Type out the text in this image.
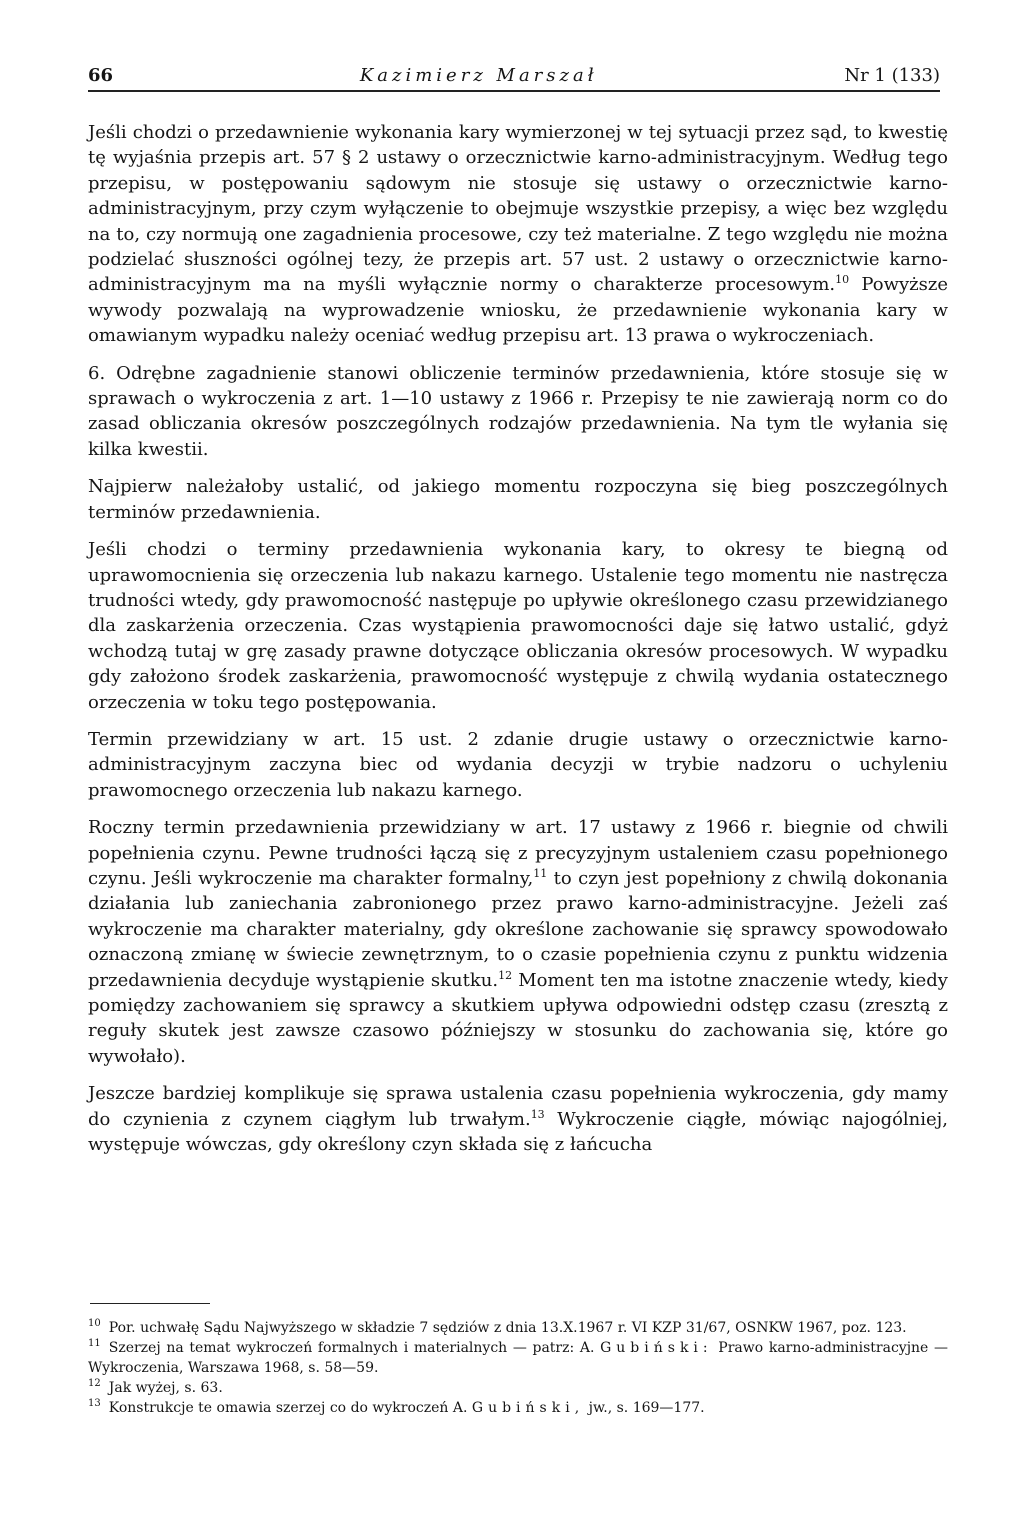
66	Kazimierz Marszał	Nr 1 (133)

Jeśli chodzi o przedawnienie wykonania kary wymierzonej w tej sytuacji przez sąd, to kwestię tę wyjaśnia przepis art. 57 § 2 ustawy o orzecznictwie karno-administracyjnym. Według tego przepisu, w postępowaniu sądowym nie stosuje się ustawy o orzecznictwie karno-administracyjnym, przy czym wyłączenie to obejmuje wszystkie przepisy, a więc bez względu na to, czy normują one zagadnienia procesowe, czy też materialne. Z tego względu nie można podzielać słuszności ogólnej tezy, że przepis art. 57 ust. 2 ustawy o orzecznictwie karno-administracyjnym ma na myśli wyłącznie normy o charakterze procesowym.$^{10}$ Powyższe wywody pozwalają na wyprowadzenie wniosku, że przedawnienie wykonania kary w omawianym wypadku należy oceniać według przepisu art. 13 prawa o wykroczeniach.

6. Odrębne zagadnienie stanowi obliczenie terminów przedawnienia, które stosuje się w sprawach o wykroczenia z art. 1—10 ustawy z 1966 r. Przepisy te nie zawierają norm co do zasad obliczania okresów poszczególnych rodzajów przedawnienia. Na tym tle wyłania się kilka kwestii.

Najpierw należałoby ustalić, od jakiego momentu rozpoczyna się bieg poszczególnych terminów przedawnienia.

Jeśli chodzi o terminy przedawnienia wykonania kary, to okresy te biegną od uprawomocnienia się orzeczenia lub nakazu karnego. Ustalenie tego momentu nie nastręcza trudności wtedy, gdy prawomocność następuje po upływie określonego czasu przewidzianego dla zaskarżenia orzeczenia. Czas wystąpienia prawomocności daje się łatwo ustalić, gdyż wchodzą tutaj w grę zasady prawne dotyczące obliczania okresów procesowych. W wypadku gdy założono środek zaskarżenia, prawomocność występuje z chwilą wydania ostatecznego orzeczenia w toku tego postępowania.

Termin przewidziany w art. 15 ust. 2 zdanie drugie ustawy o orzecznictwie karno-administracyjnym zaczyna biec od wydania decyzji w trybie nadzoru o uchyleniu prawomocnego orzeczenia lub nakazu karnego.

Roczny termin przedawnienia przewidziany w art. 17 ustawy z 1966 r. biegnie od chwili popełnienia czynu. Pewne trudności łączą się z precyzyjnym ustaleniem czasu popełnionego czynu. Jeśli wykroczenie ma charakter formalny,$^{11}$ to czyn jest popełniony z chwilą dokonania działania lub zaniechania zabronionego przez prawo karno-administracyjne. Jeżeli zaś wykroczenie ma charakter materialny, gdy określone zachowanie się sprawcy spowodowało oznaczoną zmianę w świecie zewnętrznym, to o czasie popełnienia czynu z punktu widzenia przedawnienia decyduje wystąpienie skutku.$^{12}$ Moment ten ma istotne znaczenie wtedy, kiedy pomiędzy zachowaniem się sprawcy a skutkiem upływa odpowiedni odstęp czasu (zresztą z reguły skutek jest zawsze czasowo późniejszy w stosunku do zachowania się, które go wywołało).

Jeszcze bardziej komplikuje się sprawa ustalenia czasu popełnienia wykroczenia, gdy mamy do czynienia z czynem ciągłym lub trwałym.$^{13}$ Wykroczenie ciągłe, mówiąc najogólniej, występuje wówczas, gdy określony czyn składa się z łańcucha

$^{10}$ Por. uchwałę Sądu Najwyższego w składzie 7 sędziów z dnia 13.X.1967 r. VI KZP 31/67, OSNKW 1967, poz. 123.

$^{11}$ Szerzej na temat wykroczeń formalnych i materialnych — patrz: A. Gubiński: Prawo karno-administracyjne — Wykroczenia, Warszawa 1968, s. 58—59.

$^{12}$ Jak wyżej, s. 63.

$^{13}$ Konstrukcje te omawia szerzej co do wykroczeń A. Gubiński, jw., s. 169—177.
